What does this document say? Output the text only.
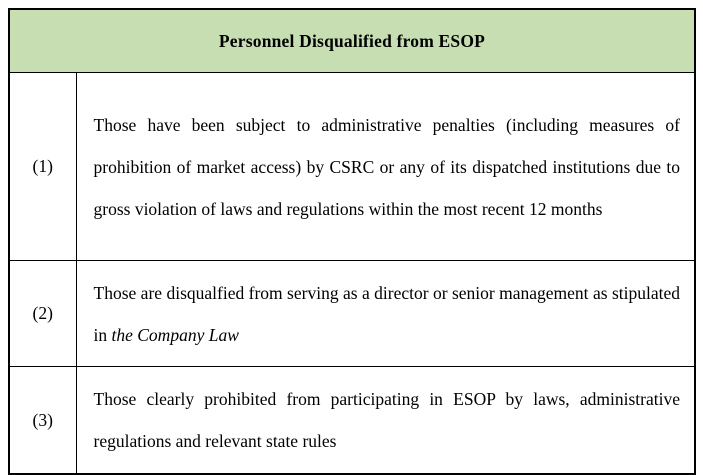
Personnel Disqualified from ESOP	
(1)	Those have been subject to administrative penalties (including measures of prohibition of market access) by CSRC or any of its dispatched institutions due to gross violation of laws and regulations within the most recent 12 months
(2)	Those are disqualfied from serving as a director or senior management as stipulated in the Company Law
(3)	Those clearly prohibited from participating in ESOP by laws, administrative regulations and relevant state rules
